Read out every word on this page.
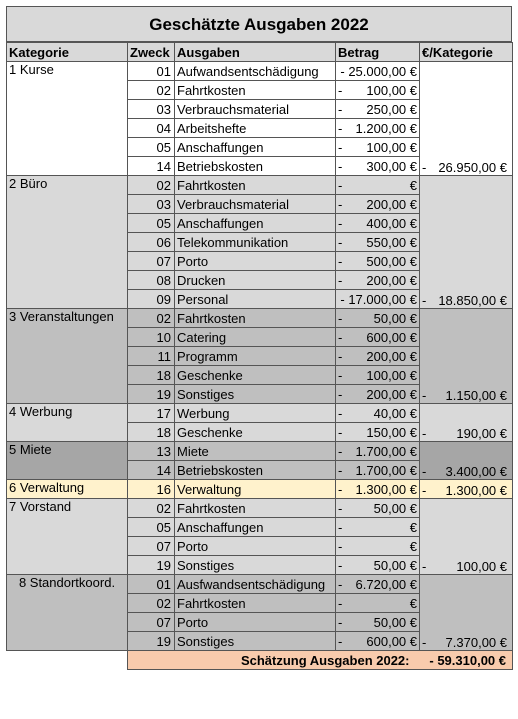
Geschätzte Ausgaben 2022
Kategorie	Zweck	Ausgaben	Betrag	€/Kategorie
1 Kurse	01	Aufwandsentschädigung	- 25.000,00 €	- 26.950,00 €

	02	Fahrtkosten	- 100,00 €	

	03	Verbrauchsmaterial	- 250,00 €	

	04	Arbeitshefte	- 1.200,00 €	

	05	Anschaffungen	- 100,00 €	

	14	Betriebskosten	- 300,00 €	

2 Büro	02	Fahrtkosten	- €	- 18.850,00 €

	03	Verbrauchsmaterial	- 200,00 €	

	05	Anschaffungen	- 400,00 €	

	06	Telekommunikation	- 550,00 €	

	07	Porto	- 500,00 €	

	08	Drucken	- 200,00 €	

	09	Personal	- 17.000,00 €	

3 Veranstaltungen	02	Fahrtkosten	- 50,00 €	- 1.150,00 €

	10	Catering	- 600,00 €	

	11	Programm	- 200,00 €	

	18	Geschenke	- 100,00 €	

	19	Sonstiges	- 200,00 €	

4 Werbung	17	Werbung	- 40,00 €	- 190,00 €

	18	Geschenke	- 150,00 €	

5 Miete	13	Miete	- 1.700,00 €	- 3.400,00 €

	14	Betriebskosten	- 1.700,00 €	

6 Verwaltung	16	Verwaltung	- 1.300,00 €	- 1.300,00 €

7 Vorstand	02	Fahrtkosten	- 50,00 €	- 100,00 €

	05	Anschaffungen	- €	

	07	Porto	- €	

	19	Sonstiges	- 50,00 €	

8 Standortkoord.	01	Ausfwandsentschädigung	- 6.720,00 €	- 7.370,00 €

	02	Fahrtkosten	- €	

	07	Porto	- 50,00 €	

	19	Sonstiges	- 600,00 €	

	Schätzung Ausgaben 2022:			- 59.310,00 €
